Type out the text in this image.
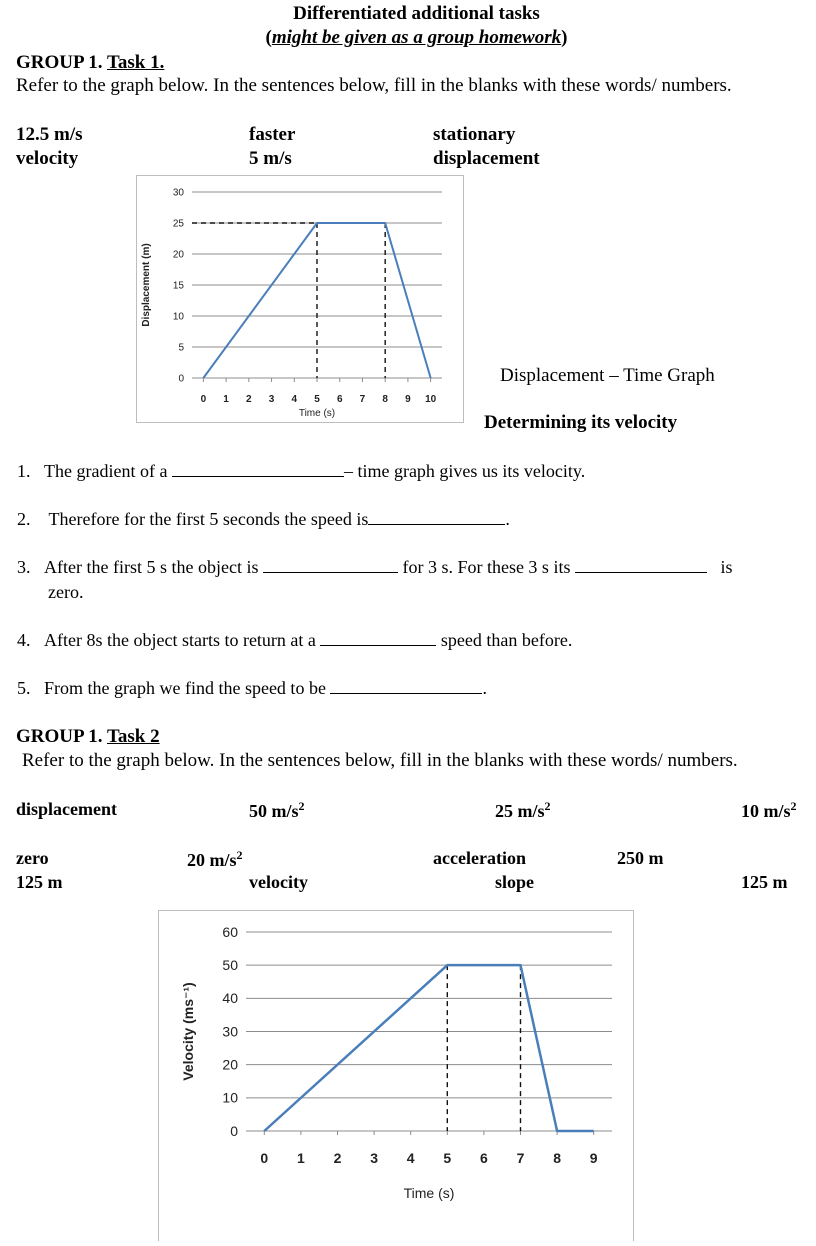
Differentiated additional tasks
(might be given as a group homework)
GROUP 1. Task 1.
Refer to the graph below. In the sentences below, fill in the blanks with these words/ numbers.
12.5 m/s	faster	stationary
velocity	5 m/s	displacement
0
5
10
15
20
25
30
0 1 2 3 4 5 6 7 8 9 10
Time (s)
Displacement (m)
Displacement – Time Graph
Determining its velocity
1. The gradient of a	– time graph gives us its velocity.
2. Therefore for the first 5 seconds the speed is	.
3. After the first 5 s the object is	for 3 s. For these 3 s its	is
zero.
4. After 8s the object starts to return at a	speed than before.
5. From the graph we find the speed to be	.
GROUP 1. Task 2
Refer to the graph below. In the sentences below, fill in the blanks with these words/ numbers.
displacement	50 $m/s^2$	25 $m/s^2$	10 $m/s^2$
zero	20 $m/s^2$	acceleration	250 m
125 m	velocity	slope	125 m
0
10
20
30
40
50
60
0 1 2 3 4 5 6 7 8 9
Time (s)
Velocity (ms⁻¹)
